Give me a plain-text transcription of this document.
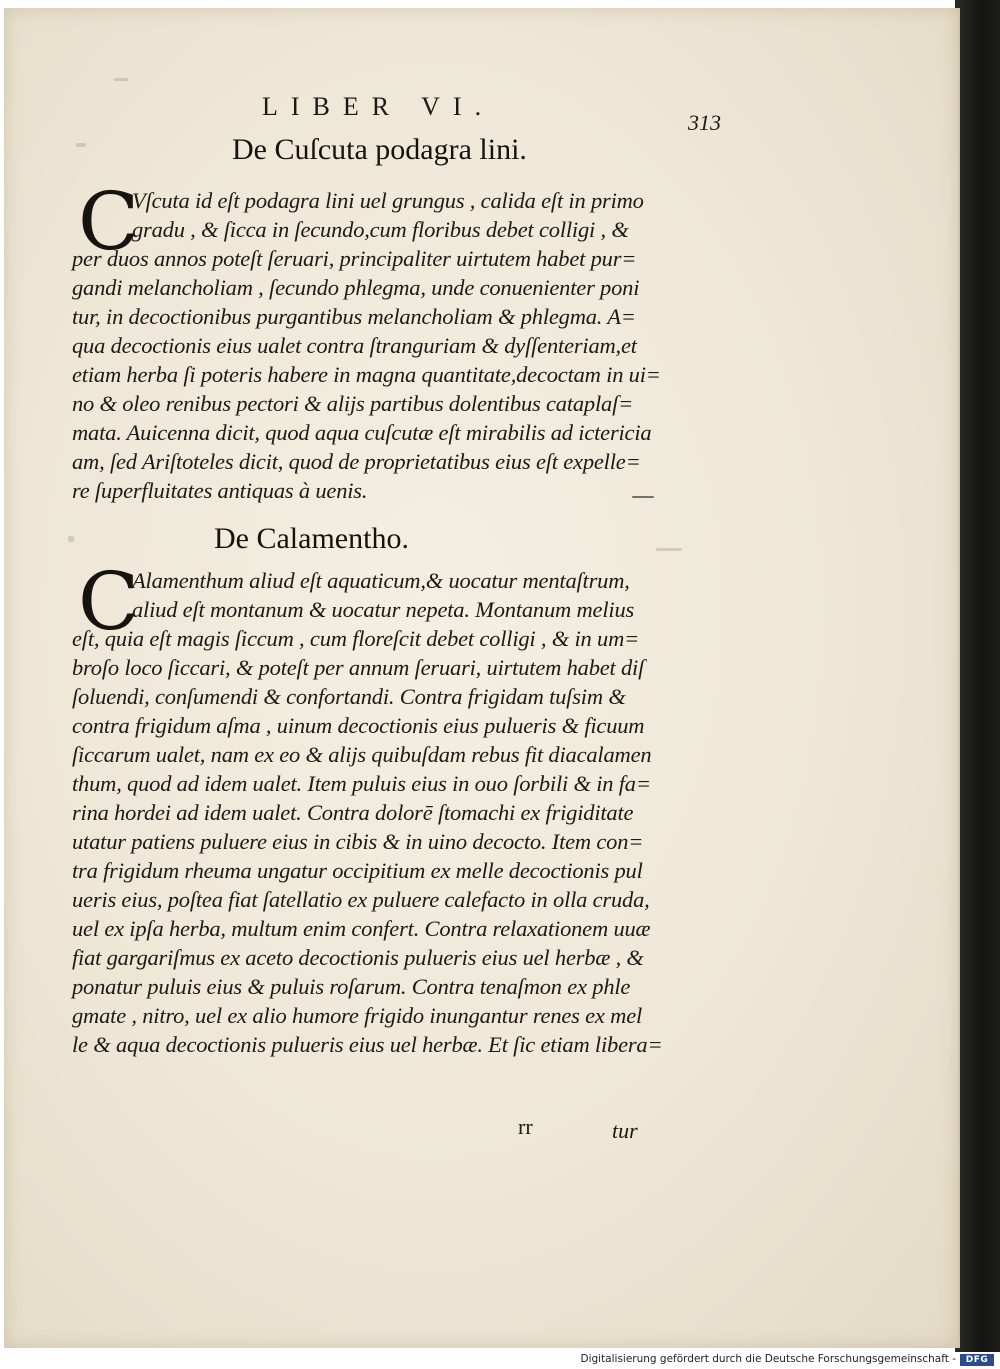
LIBER VI.
313
De Cuſcuta podagra lini.
C
Vſcuta id eſt podagra lini uel grungus , calida eſt in primo
gradu , & ſicca in ſecundo,cum floribus debet colligi , &
per duos annos poteſt ſeruari, principaliter uirtutem habet pur=
gandi melancholiam , ſecundo phlegma, unde conuenienter poni
tur, in decoctionibus purgantibus melancholiam & phlegma. A=
qua decoctionis eius ualet contra ſtranguriam & dyſſenteriam,et
etiam herba ſi poteris habere in magna quantitate,decoctam in ui=
no & oleo renibus pectori & alijs partibus dolentibus cataplaſ=
mata. Auicenna dicit, quod aqua cuſcutæ eſt mirabilis ad ictericia
am, ſed Ariſtoteles dicit, quod de proprietatibus eius eſt expelle=
re ſuperfluitates antiquas à uenis.
De Calamentho.
C
Alamenthum aliud eſt aquaticum,& uocatur mentaſtrum,
aliud eſt montanum & uocatur nepeta. Montanum melius
eſt, quia eſt magis ſiccum , cum floreſcit debet colligi , & in um=
broſo loco ſiccari, & poteſt per annum ſeruari, uirtutem habet diſ
ſoluendi, conſumendi & confortandi. Contra frigidam tuſsim &
contra frigidum aſma , uinum decoctionis eius pulueris & ficuum
ſiccarum ualet, nam ex eo & alijs quibuſdam rebus fit diacalamen
thum, quod ad idem ualet. Item puluis eius in ouo ſorbili & in fa=
rina hordei ad idem ualet. Contra dolorē ſtomachi ex frigiditate
utatur patiens puluere eius in cibis & in uino decocto. Item con=
tra frigidum rheuma ungatur occipitium ex melle decoctionis pul
ueris eius, poſtea fiat ſatellatio ex puluere calefacto in olla cruda,
uel ex ipſa herba, multum enim confert. Contra relaxationem uuæ
fiat gargariſmus ex aceto decoctionis pulueris eius uel herbæ , &
ponatur puluis eius & puluis roſarum. Contra tenaſmon ex phle
gmate , nitro, uel ex alio humore frigido inungantur renes ex mel
le & aqua decoctionis pulueris eius uel herbæ. Et ſic etiam libera=
rr	tur
Digitalisierung gefördert durch die Deutsche Forschungsgemeinschaft -	DFG
